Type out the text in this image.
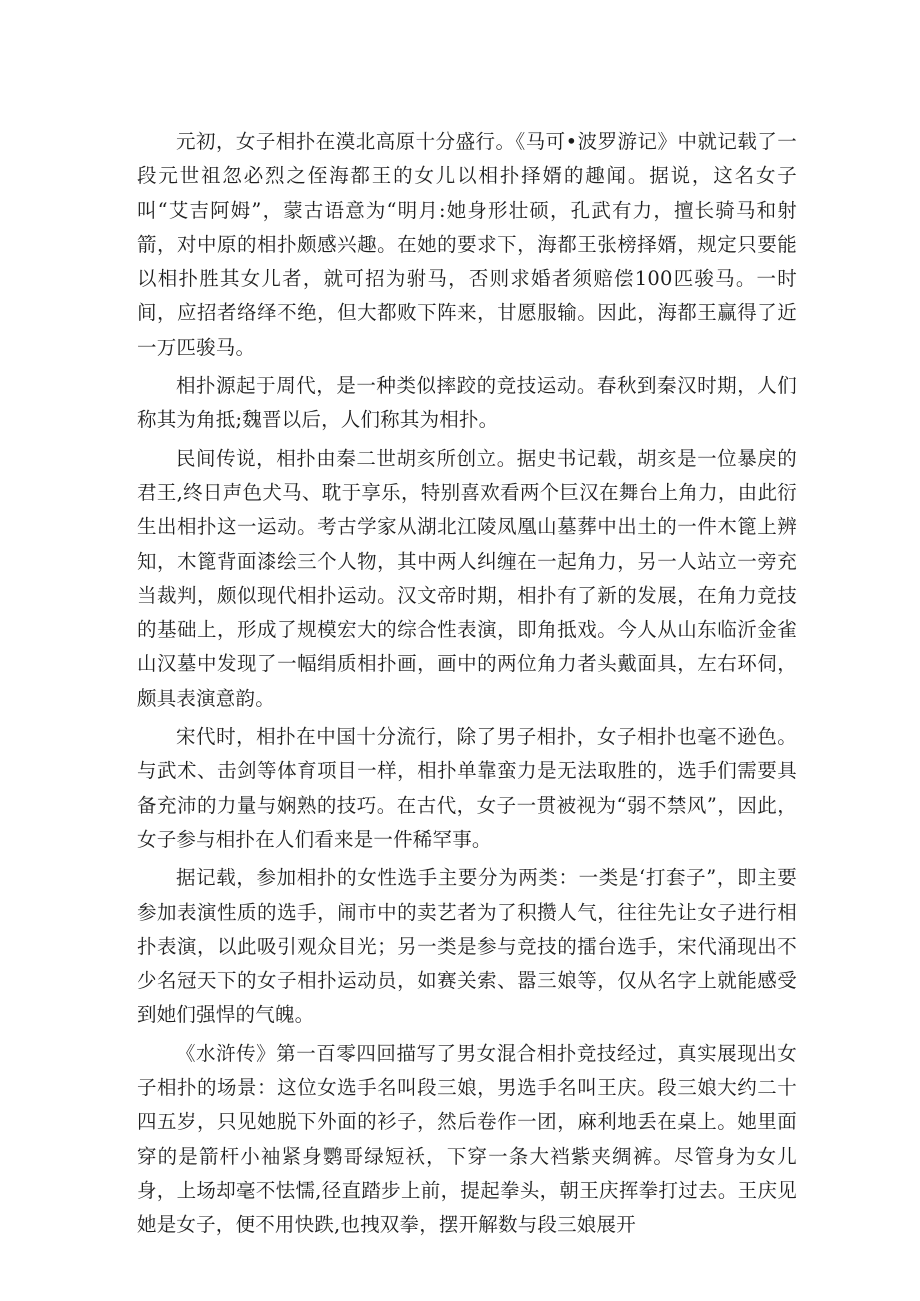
元初，女子相扑在漠北高原十分盛行。《马可•波罗游记》中就记载了一段元世祖忽必烈之侄海都王的女儿以相扑择婿的趣闻。据说，这名女子叫“艾吉阿姆”，蒙古语意为“明月:她身形壮硕，孔武有力，擅长骑马和射箭，对中原的相扑颇感兴趣。在她的要求下，海都王张榜择婿，规定只要能以相扑胜其女儿者，就可招为驸马，否则求婚者须赔偿100匹骏马。一时间，应招者络绎不绝，但大都败下阵来，甘愿服输。因此，海都王赢得了近一万匹骏马。

相扑源起于周代，是一种类似摔跤的竞技运动。春秋到秦汉时期，人们称其为角抵;魏晋以后，人们称其为相扑。

民间传说，相扑由秦二世胡亥所创立。据史书记载，胡亥是一位暴戾的君王,终日声色犬马、耽于享乐，特别喜欢看两个巨汉在舞台上角力，由此衍生出相扑这一运动。考古学家从湖北江陵凤凰山墓葬中出土的一件木篦上辨知，木篦背面漆绘三个人物，其中两人纠缠在一起角力，另一人站立一旁充当裁判，颇似现代相扑运动。汉文帝时期，相扑有了新的发展，在角力竞技的基础上，形成了规模宏大的综合性表演，即角抵戏。今人从山东临沂金雀山汉墓中发现了一幅绢质相扑画，画中的两位角力者头戴面具，左右环伺，颇具表演意韵。

宋代时，相扑在中国十分流行，除了男子相扑，女子相扑也毫不逊色。与武术、击剑等体育项目一样，相扑单靠蛮力是无法取胜的，选手们需要具备充沛的力量与娴熟的技巧。在古代，女子一贯被视为“弱不禁风”，因此，女子参与相扑在人们看来是一件稀罕事。

据记载，参加相扑的女性选手主要分为两类：一类是‘打套子”，即主要参加表演性质的选手，闹市中的卖艺者为了积攒人气，往往先让女子进行相扑表演，以此吸引观众目光；另一类是参与竞技的擂台选手，宋代涌现出不少名冠天下的女子相扑运动员，如赛关索、嚣三娘等，仅从名字上就能感受到她们强悍的气魄。

《水浒传》第一百零四回描写了男女混合相扑竞技经过，真实展现出女子相扑的场景：这位女选手名叫段三娘，男选手名叫王庆。段三娘大约二十四五岁，只见她脱下外面的衫子，然后卷作一团，麻利地丢在桌上。她里面穿的是箭杆小袖紧身鹦哥绿短袄，下穿一条大裆紫夹绸裤。尽管身为女儿身，上场却毫不怯懦,径直踏步上前，提起拳头，朝王庆挥拳打过去。王庆见她是女子，便不用快跌,也拽双拳，摆开解数与段三娘展开
